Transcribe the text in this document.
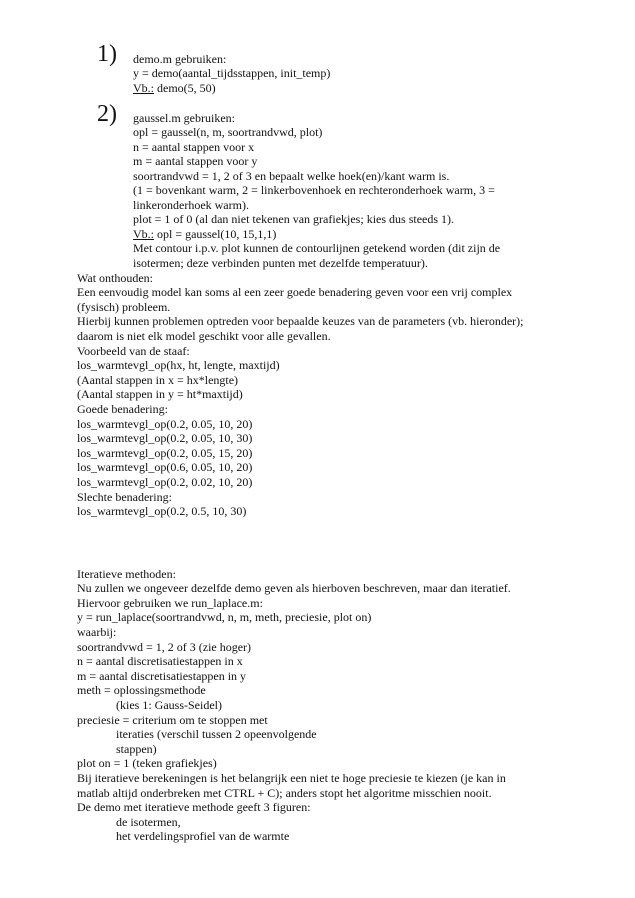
1) demo.m gebruiken:
y = demo(aantal_tijdsstappen, init_temp)
Vb.: demo(5, 50)
2) gaussel.m gebruiken:
opl = gaussel(n, m, soortrandvwd, plot)
n = aantal stappen voor x
m = aantal stappen voor y
soortrandvwd = 1, 2 of 3 en bepaalt welke hoek(en)/kant warm is.
(1 = bovenkant warm, 2 = linkerbovenhoek en rechteronderhoek warm, 3 =
linkeronderhoek warm).
plot = 1 of 0 (al dan niet tekenen van grafiekjes; kies dus steeds 1).
Vb.: opl = gaussel(10, 15,1,1)
Met contour i.p.v. plot kunnen de contourlijnen getekend worden (dit zijn de
isotermen; deze verbinden punten met dezelfde temperatuur).
Wat onthouden:
Een eenvoudig model kan soms al een zeer goede benadering geven voor een vrij complex
(fysisch) probleem.
Hierbij kunnen problemen optreden voor bepaalde keuzes van de parameters (vb. hieronder);
daarom is niet elk model geschikt voor alle gevallen.
Voorbeeld van de staaf:
los_warmtevgl_op(hx, ht, lengte, maxtijd)
(Aantal stappen in x = hx*lengte)
(Aantal stappen in y = ht*maxtijd)
Goede benadering:
los_warmtevgl_op(0.2, 0.05, 10, 20)
los_warmtevgl_op(0.2, 0.05, 10, 30)
los_warmtevgl_op(0.2, 0.05, 15, 20)
los_warmtevgl_op(0.6, 0.05, 10, 20)
los_warmtevgl_op(0.2, 0.02, 10, 20)
Slechte benadering:
los_warmtevgl_op(0.2, 0.5, 10, 30)
Iteratieve methoden:
Nu zullen we ongeveer dezelfde demo geven als hierboven beschreven, maar dan iteratief.
Hiervoor gebruiken we run_laplace.m:
y = run_laplace(soortrandvwd, n, m, meth, preciesie, plot on)
waarbij:
soortrandvwd = 1, 2 of 3 (zie hoger)
n = aantal discretisatiestappen in x
m = aantal discretisatiestappen in y
meth = oplossingsmethode
(kies 1: Gauss-Seidel)
preciesie = criterium om te stoppen met
iteraties (verschil tussen 2 opeenvolgende
stappen)
plot on = 1 (teken grafiekjes)
Bij iteratieve berekeningen is het belangrijk een niet te hoge preciesie te kiezen (je kan in
matlab altijd onderbreken met CTRL + C); anders stopt het algoritme misschien nooit.
De demo met iteratieve methode geeft 3 figuren:
de isotermen,
het verdelingsprofiel van de warmte
